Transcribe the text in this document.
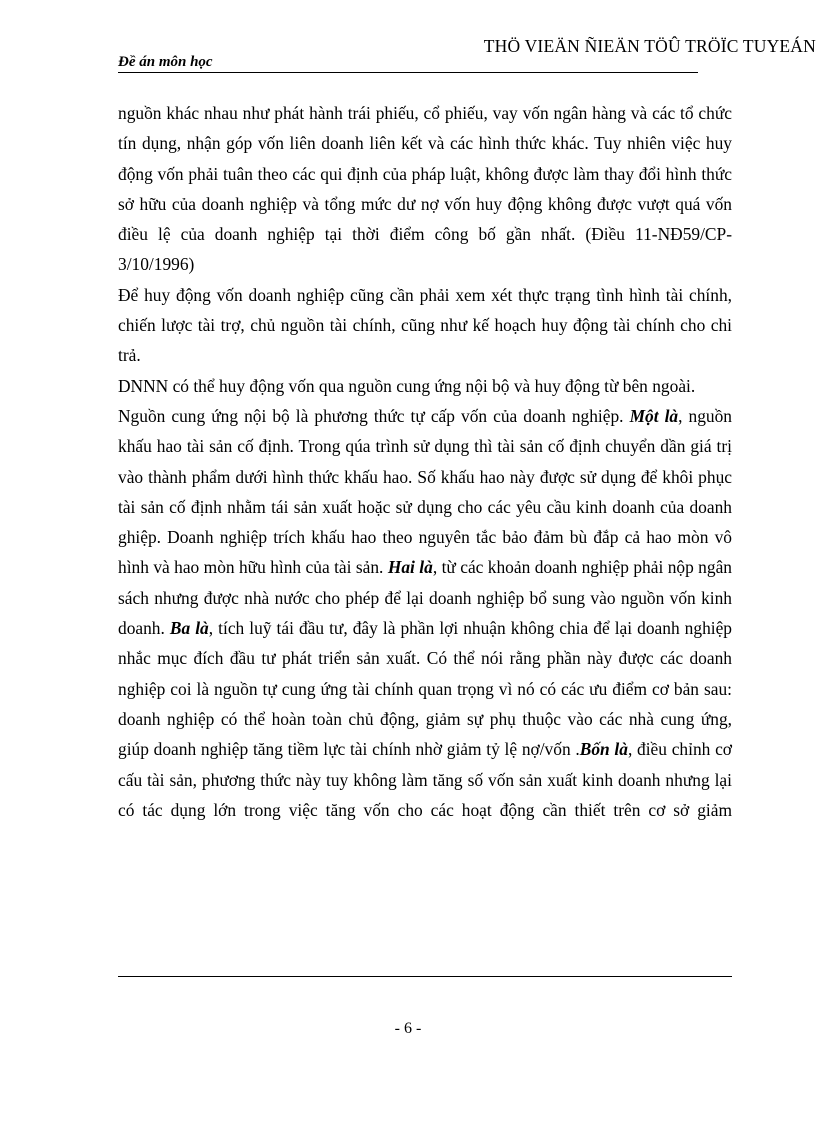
THÖ VIEÄN ÑIEÄN TÖÛ TRÖÏC TUYEÁN
Đề án môn học

nguồn khác nhau như phát hành trái phiếu, cổ phiếu, vay vốn ngân hàng và các tổ chức tín dụng, nhận góp vốn liên doanh liên kết và các hình thức khác. Tuy nhiên việc huy động vốn phải tuân theo các qui định của pháp luật, không được làm thay đổi hình thức sở hữu của doanh nghiệp và tổng mức dư nợ vốn huy động không được vượt quá vốn điều lệ của doanh nghiệp tại thời điểm công bố gần nhất. (Điều 11-NĐ59/CP-3/10/1996)

Để huy động vốn doanh nghiệp cũng cần phải xem xét thực trạng tình hình tài chính, chiến lược tài trợ, chủ nguồn tài chính, cũng như kế hoạch huy động tài chính cho chi trả.

DNNN có thể huy động vốn qua nguồn cung ứng nội bộ và huy động từ bên ngoài.

Nguồn cung ứng nội bộ là phương thức tự cấp vốn của doanh nghiệp. Một là, nguồn khấu hao tài sản cố định. Trong qúa trình sử dụng thì tài sản cố định chuyển dần giá trị vào thành phẩm dưới hình thức khấu hao. Số khấu hao này được sử dụng để khôi phục tài sản cố định nhằm tái sản xuất hoặc sử dụng cho các yêu cầu kinh doanh của doanh ghiệp. Doanh nghiệp trích khấu hao theo nguyên tắc bảo đảm bù đắp cả hao mòn vô hình và hao mòn hữu hình của tài sản. Hai là, từ các khoản doanh nghiệp phải nộp ngân sách nhưng được nhà nước cho phép để lại doanh nghiệp bổ sung vào nguồn vốn kinh doanh. Ba là, tích luỹ tái đầu tư, đây là phần lợi nhuận không chia để lại doanh nghiệp nhắc mục đích đầu tư phát triển sản xuất. Có thể nói rằng phần này được các doanh nghiệp coi là nguồn tự cung ứng tài chính quan trọng vì nó có các ưu điểm cơ bản sau: doanh nghiệp có thể hoàn toàn chủ động, giảm sự phụ thuộc vào các nhà cung ứng, giúp doanh nghiệp tăng tiềm lực tài chính nhờ giảm tỷ lệ nợ/vốn .Bốn là, điều chỉnh cơ cấu tài sản, phương thức này tuy không làm tăng số vốn sản xuất kinh doanh nhưng lại có tác dụng lớn trong việc tăng vốn cho các hoạt động cần thiết trên cơ sở giảm

- 6 -
